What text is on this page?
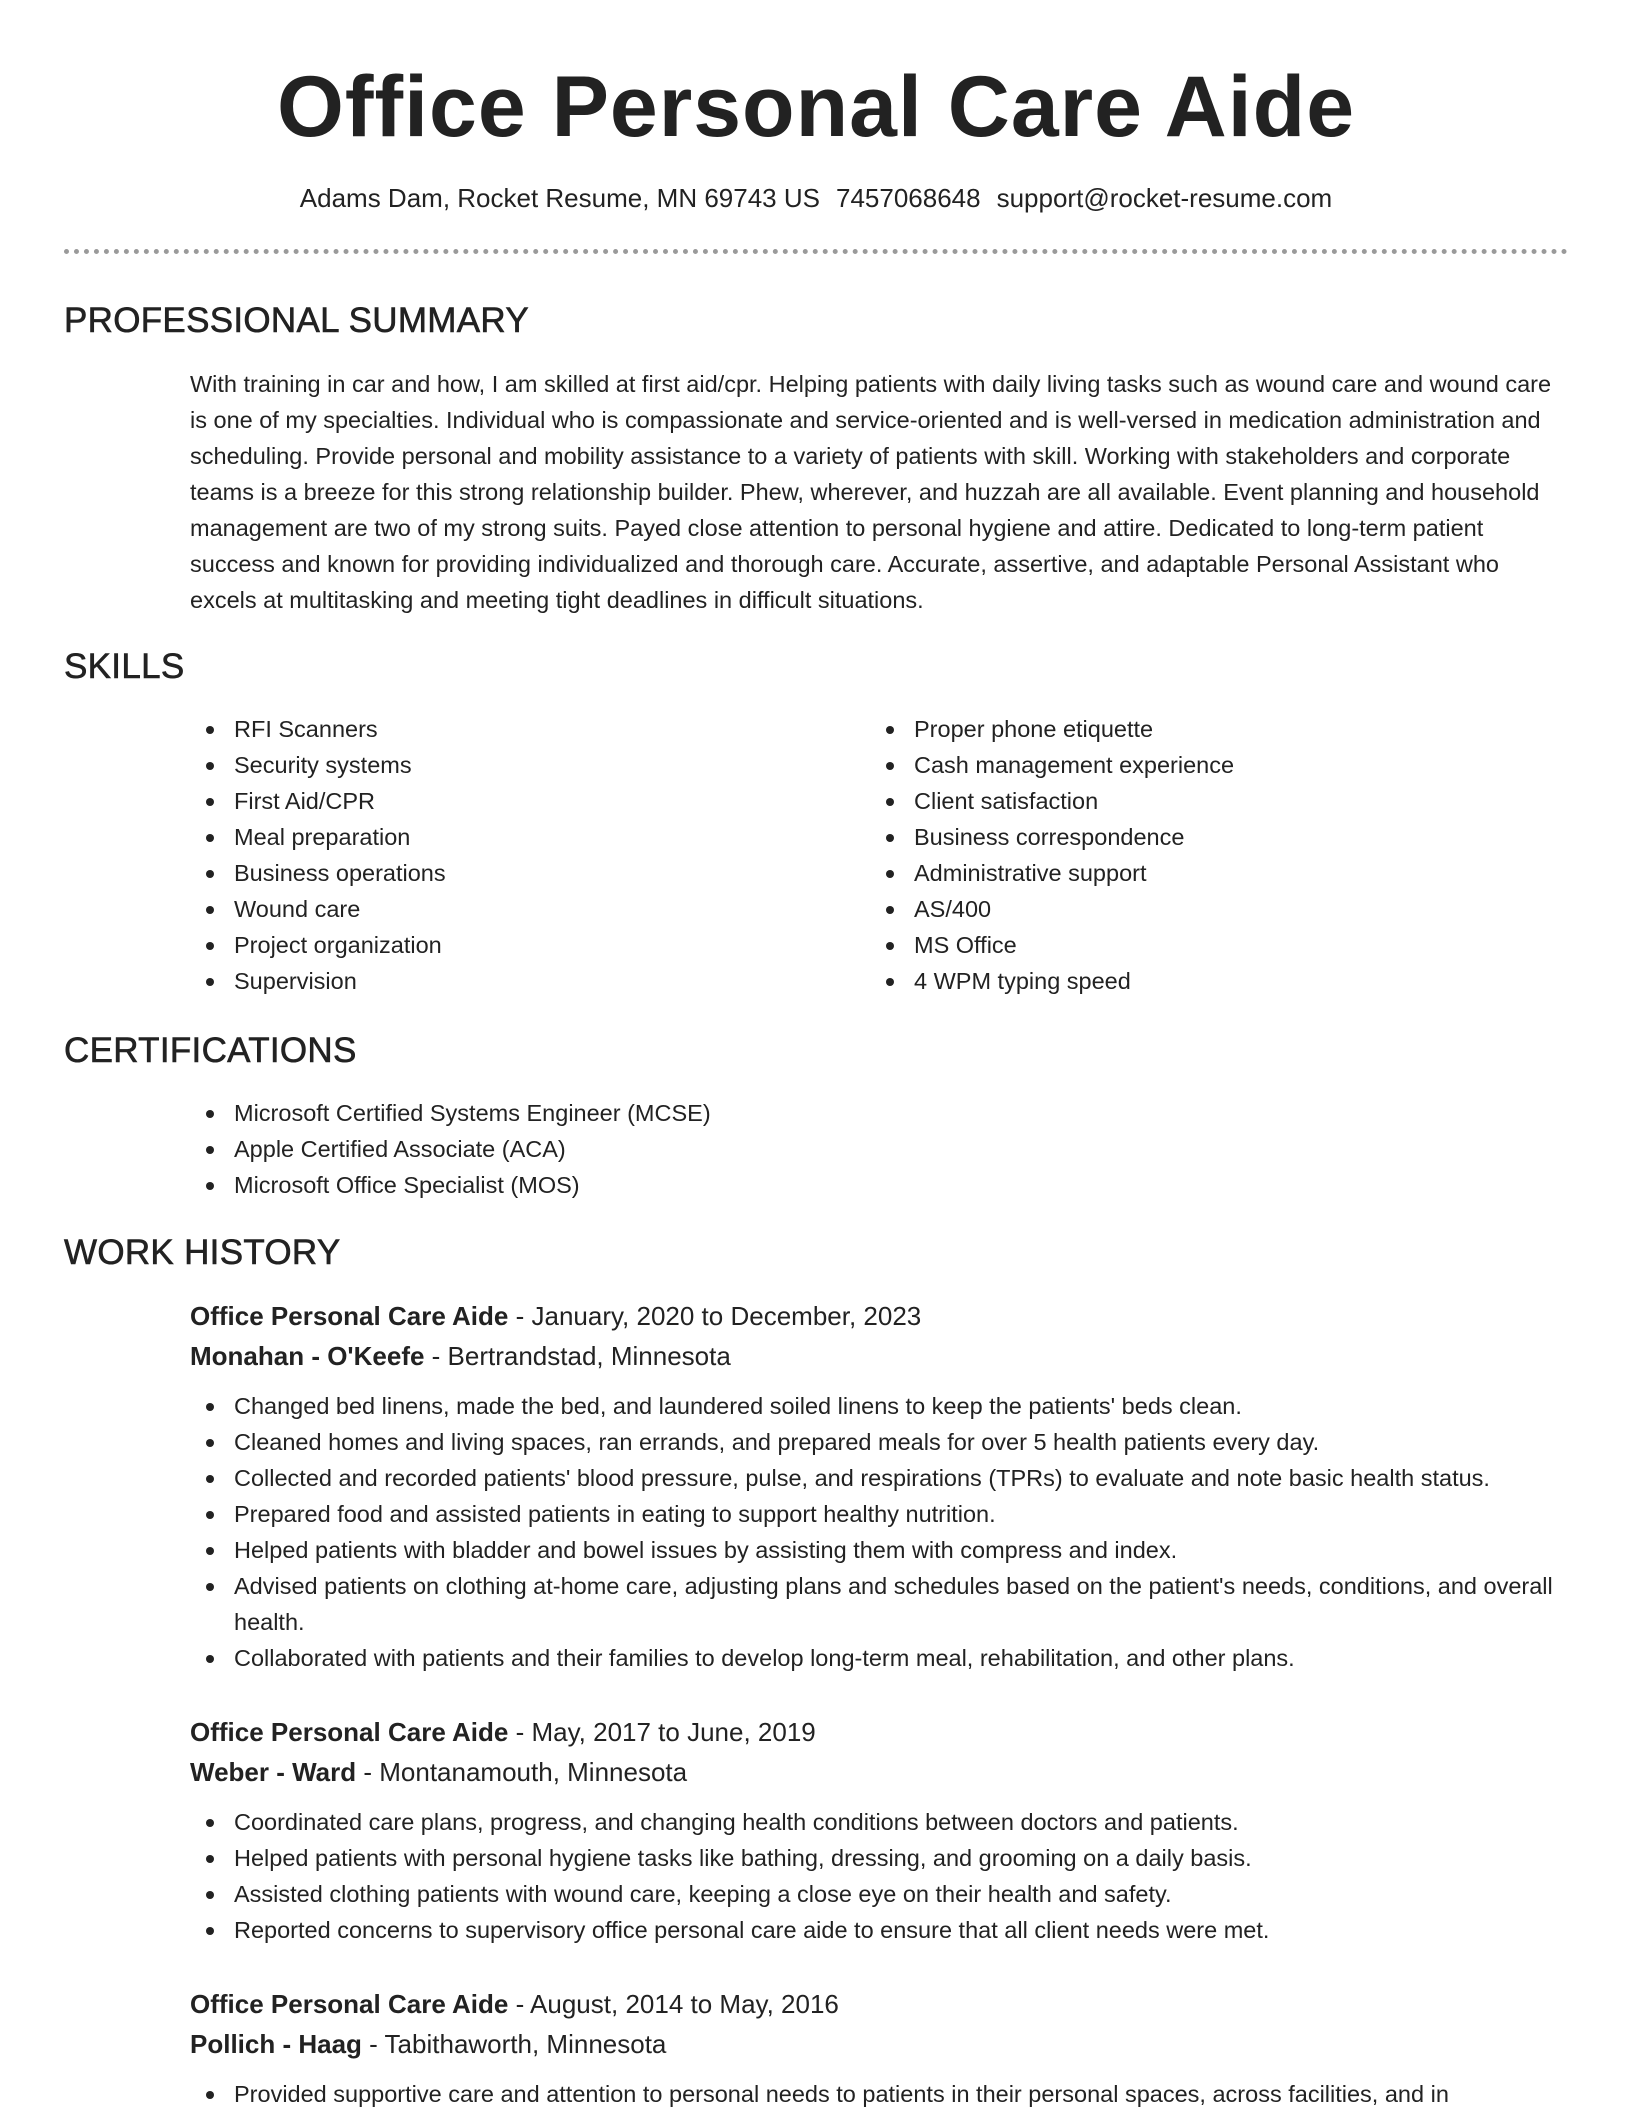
Office Personal Care Aide
Adams Dam, Rocket Resume, MN 69743 US 7457068648 support@rocket-resume.com
PROFESSIONAL SUMMARY

With training in car and how, I am skilled at first aid/cpr. Helping patients with daily living tasks such as wound care and wound care is one of my specialties. Individual who is compassionate and service-oriented and is well-versed in medication administration and scheduling. Provide personal and mobility assistance to a variety of patients with skill. Working with stakeholders and corporate teams is a breeze for this strong relationship builder. Phew, wherever, and huzzah are all available. Event planning and household management are two of my strong suits. Payed close attention to personal hygiene and attire. Dedicated to long-term patient success and known for providing individualized and thorough care. Accurate, assertive, and adaptable Personal Assistant who excels at multitasking and meeting tight deadlines in difficult situations.

SKILLS
RFI Scanners
Security systems
First Aid/CPR
Meal preparation
Business operations
Wound care
Project organization
Supervision
Proper phone etiquette
Cash management experience
Client satisfaction
Business correspondence
Administrative support
AS/400
MS Office
4 WPM typing speed
CERTIFICATIONS
Microsoft Certified Systems Engineer (MCSE)
Apple Certified Associate (ACA)
Microsoft Office Specialist (MOS)
WORK HISTORY
Office Personal Care Aide - January, 2020 to December, 2023
Monahan - O'Keefe - Bertrandstad, Minnesota
Changed bed linens, made the bed, and laundered soiled linens to keep the patients' beds clean.
Cleaned homes and living spaces, ran errands, and prepared meals for over 5 health patients every day.
Collected and recorded patients' blood pressure, pulse, and respirations (TPRs) to evaluate and note basic health status.
Prepared food and assisted patients in eating to support healthy nutrition.
Helped patients with bladder and bowel issues by assisting them with compress and index.
Advised patients on clothing at-home care, adjusting plans and schedules based on the patient's needs, conditions, and overall health.
Collaborated with patients and their families to develop long-term meal, rehabilitation, and other plans.
Office Personal Care Aide - May, 2017 to June, 2019
Weber - Ward - Montanamouth, Minnesota
Coordinated care plans, progress, and changing health conditions between doctors and patients.
Helped patients with personal hygiene tasks like bathing, dressing, and grooming on a daily basis.
Assisted clothing patients with wound care, keeping a close eye on their health and safety.
Reported concerns to supervisory office personal care aide to ensure that all client needs were met.
Office Personal Care Aide - August, 2014 to May, 2016
Pollich - Haag - Tabithaworth, Minnesota
Provided supportive care and attention to personal needs to patients in their personal spaces, across facilities, and in
